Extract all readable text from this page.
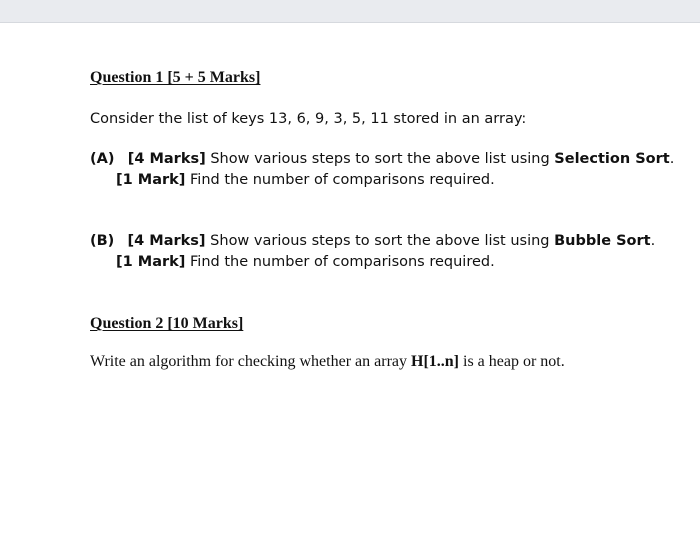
Question 1 [5 + 5 Marks]
Consider the list of keys 13, 6, 9, 3, 5, 11 stored in an array:
(A) [4 Marks] Show various steps to sort the above list using Selection Sort.
[1 Mark] Find the number of comparisons required.
(B) [4 Marks] Show various steps to sort the above list using Bubble Sort.
[1 Mark] Find the number of comparisons required.
Question 2 [10 Marks]
Write an algorithm for checking whether an array H[1..n] is a heap or not.
